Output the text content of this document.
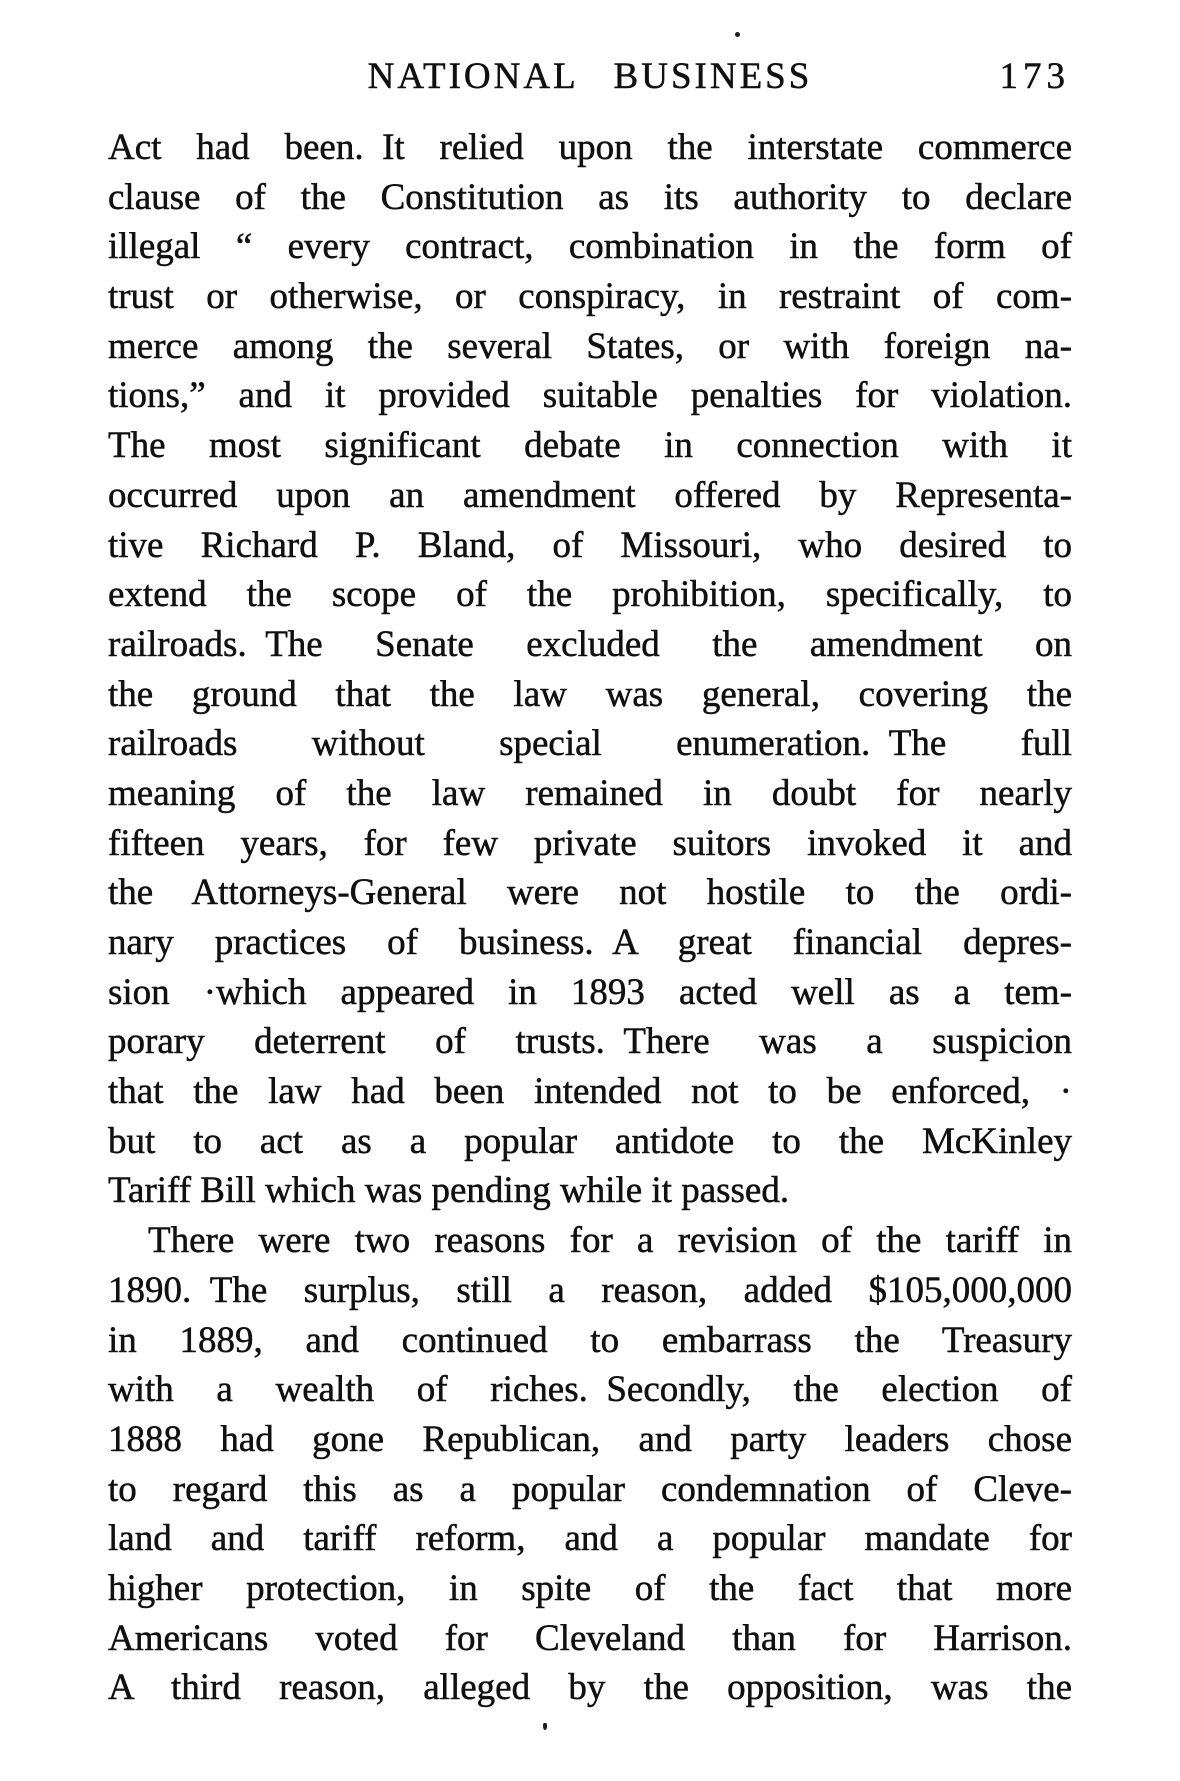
NATIONAL BUSINESS	173
Act had been. It relied upon the interstate commerce
clause of the Constitution as its authority to declare
illegal “ every contract, combination in the form of
trust or otherwise, or conspiracy, in restraint of com-
merce among the several States, or with foreign na-
tions,” and it provided suitable penalties for violation.
The most significant debate in connection with it
occurred upon an amendment offered by Representa-
tive Richard P. Bland, of Missouri, who desired to
extend the scope of the prohibition, specifically, to
railroads. The Senate excluded the amendment on
the ground that the law was general, covering the
railroads without special enumeration. The full
meaning of the law remained in doubt for nearly
fifteen years, for few private suitors invoked it and
the Attorneys-General were not hostile to the ordi-
nary practices of business. A great financial depres-
sion ·which appeared in 1893 acted well as a tem-
porary deterrent of trusts. There was a suspicion
that the law had been intended not to be enforced, ·
but to act as a popular antidote to the McKinley
Tariff Bill which was pending while it passed.
There were two reasons for a revision of the tariff in
1890. The surplus, still a reason, added $105,000,000
in 1889, and continued to embarrass the Treasury
with a wealth of riches. Secondly, the election of
1888 had gone Republican, and party leaders chose
to regard this as a popular condemnation of Cleve-
land and tariff reform, and a popular mandate for
higher protection, in spite of the fact that more
Americans voted for Cleveland than for Harrison.
A third reason, alleged by the opposition, was the
